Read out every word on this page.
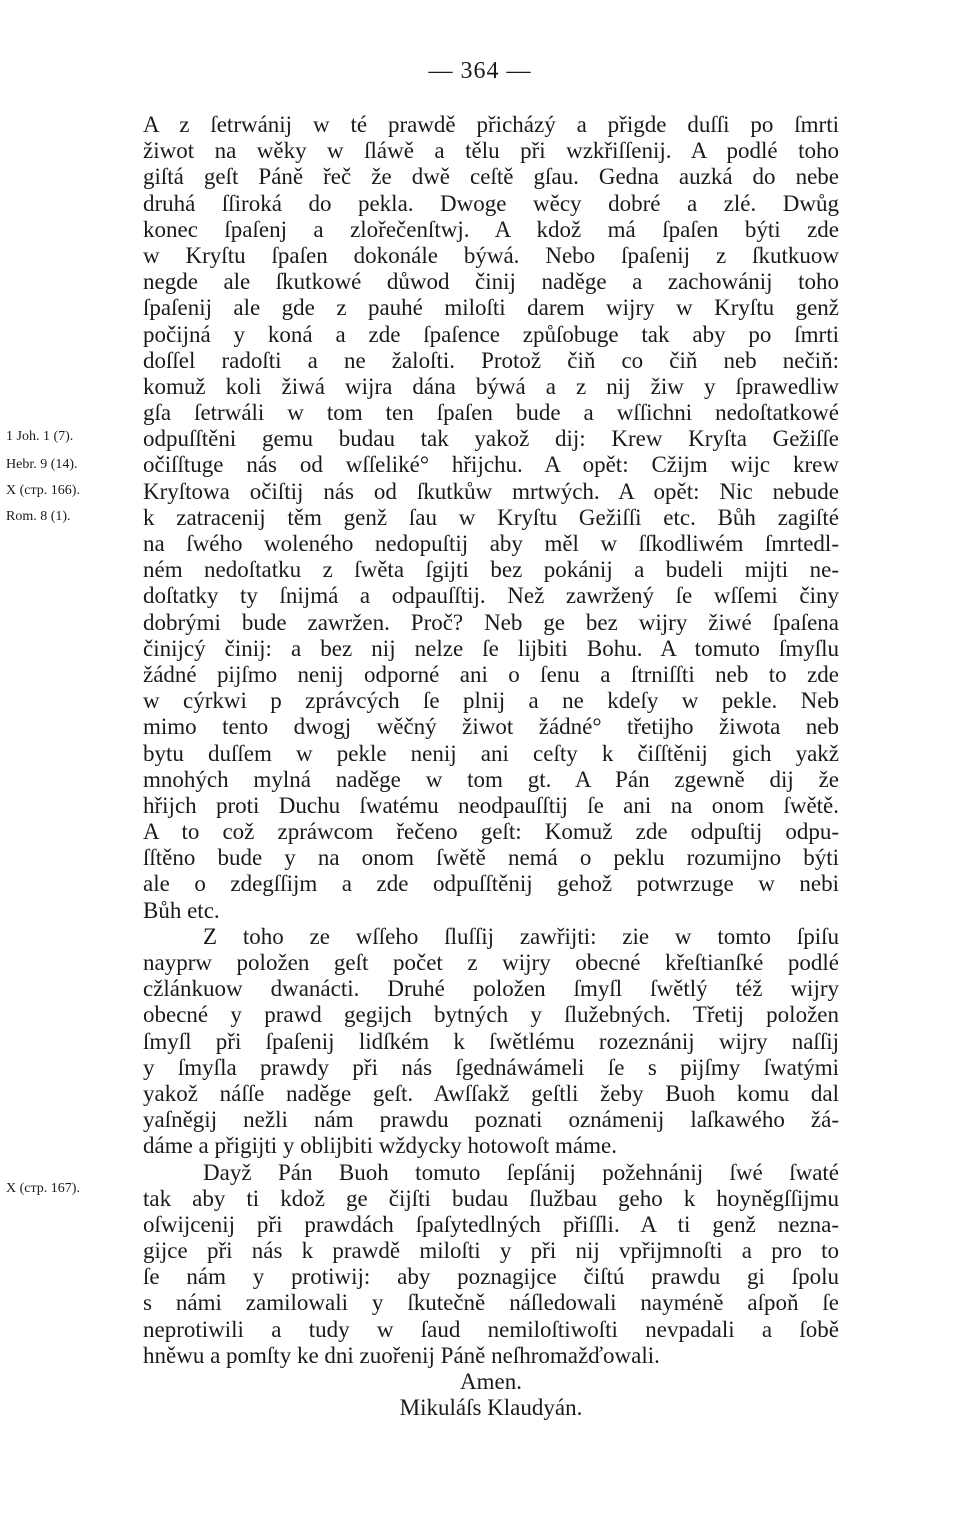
— 364 —
1 Joh. 1 (7).
Hebr. 9 (14).
X (стр. 166).
Rom. 8 (1).
X (стр. 167).
A z ſetrwánij w té prawdě přicházý a přigde duſſi po ſmrti
žiwot na wěky w ſláwě a tělu při wzkřiſſenij. A podlé toho
giſtá geſt Páně řeč že dwě ceſtě gſau. Gedna auzká do nebe
druhá ſſiroká do pekla. Dwoge wěcy dobré a zlé. Dwůg
konec ſpaſenj a zlořečenſtwj. A kdož má ſpaſen býti zde
w Kryſtu ſpaſen dokonále býwá. Nebo ſpaſenij z ſkutkuow
negde ale ſkutkowé důwod činij naděge a zachowánij toho
ſpaſenij ale gde z pauhé miloſti darem wijry w Kryſtu genž
počijná y koná a zde ſpaſence způſobuge tak aby po ſmrti
doſſel radoſti a ne žaloſti. Protož čiň co čiň neb nečiň:
komuž koli žiwá wijra dána býwá a z nij žiw y ſprawedliw
gſa ſetrwáli w tom ten ſpaſen bude a wſſichni nedoſtatkowé
odpuſſtěni gemu budau tak yakož dij: Krew Kryſta Gežiſſe
očiſſtuge nás od wſſeliké° hřijchu. A opět: Cžijm wijc krew
Kryſtowa očiſtij nás od ſkutkůw mrtwých. A opět: Nic nebude
k zatracenij těm genž ſau w Kryſtu Gežiſſi etc. Bůh zagiſté
na ſwého woleného nedopuſtij aby měl w ſſkodliwém ſmrtedl-
ném nedoſtatku z ſwěta ſgijti bez pokánij a budeli mijti ne-
doſtatky ty ſnijmá a odpauſſtij. Než zawržený ſe wſſemi činy
dobrými bude zawržen. Proč? Neb ge bez wijry žiwé ſpaſena
činijcý činij: a bez nij nelze ſe lijbiti Bohu. A tomuto ſmyſlu
žádné pijſmo nenij odporné ani o ſenu a ſtrniſſti neb to zde
w cýrkwi p zprávcých ſe plnij a ne kdeſy w pekle. Neb
mimo tento dwogj wěčný žiwot žádné° třetijho žiwota neb
bytu duſſem w pekle nenij ani ceſty k čiſſtěnij gich yakž
mnohých mylná naděge w tom gt. A Pán zgewně dij že
hřijch proti Duchu ſwatému neodpauſſtij ſe ani na onom ſwětě.
A to což zpráwcom řečeno geſt: Komuž zde odpuſtij odpu-
ſſtěno bude y na onom ſwětě nemá o peklu rozumijno býti
ale o zdegſſijm a zde odpuſſtěnij gehož potwrzuge w nebi
Bůh etc.
Z toho ze wſſeho ſluſſij zawřijti: zie w tomto ſpiſu
nayprw položen geſt počet z wijry obecné křeſtianſké podlé
cžlánkuow dwanácti. Druhé položen ſmyſl ſwětlý též wijry
obecné y prawd gegijch bytných y ſlužebných. Třetij položen
ſmyſl při ſpaſenij lidſkém k ſwětlému rozeznánij wijry naſſij
y ſmyſla prawdy při nás ſgednáwámeli ſe s pijſmy ſwatými
yakož náſſe naděge geſt. Awſſakž geſtli žeby Buoh komu dal
yaſněgij nežli nám prawdu poznati oznámenij laſkawého žá-
dáme a přigijti y oblijbiti wždycky hotowoſt máme.
Dayž Pán Buoh tomuto ſepſánij požehnánij ſwé ſwaté
tak aby ti kdož ge čijſti budau ſlužbau geho k hoyněgſſijmu
oſwijcenij při prawdách ſpaſytedlných přiſſli. A ti genž nezna-
gijce při nás k prawdě miloſti y při nij vpřijmnoſti a pro to
ſe nám y protiwij: aby poznagijce čiſtú prawdu gi ſpolu
s námi zamilowali y ſkutečně náſledowali nayméně aſpoň ſe
neprotiwili a tudy w ſaud nemiloſtiwoſti nevpadali a ſobě
hněwu a pomſty ke dni zuořenij Páně neſhromažďowali.
Amen.
Mikuláſs Klaudyán.
